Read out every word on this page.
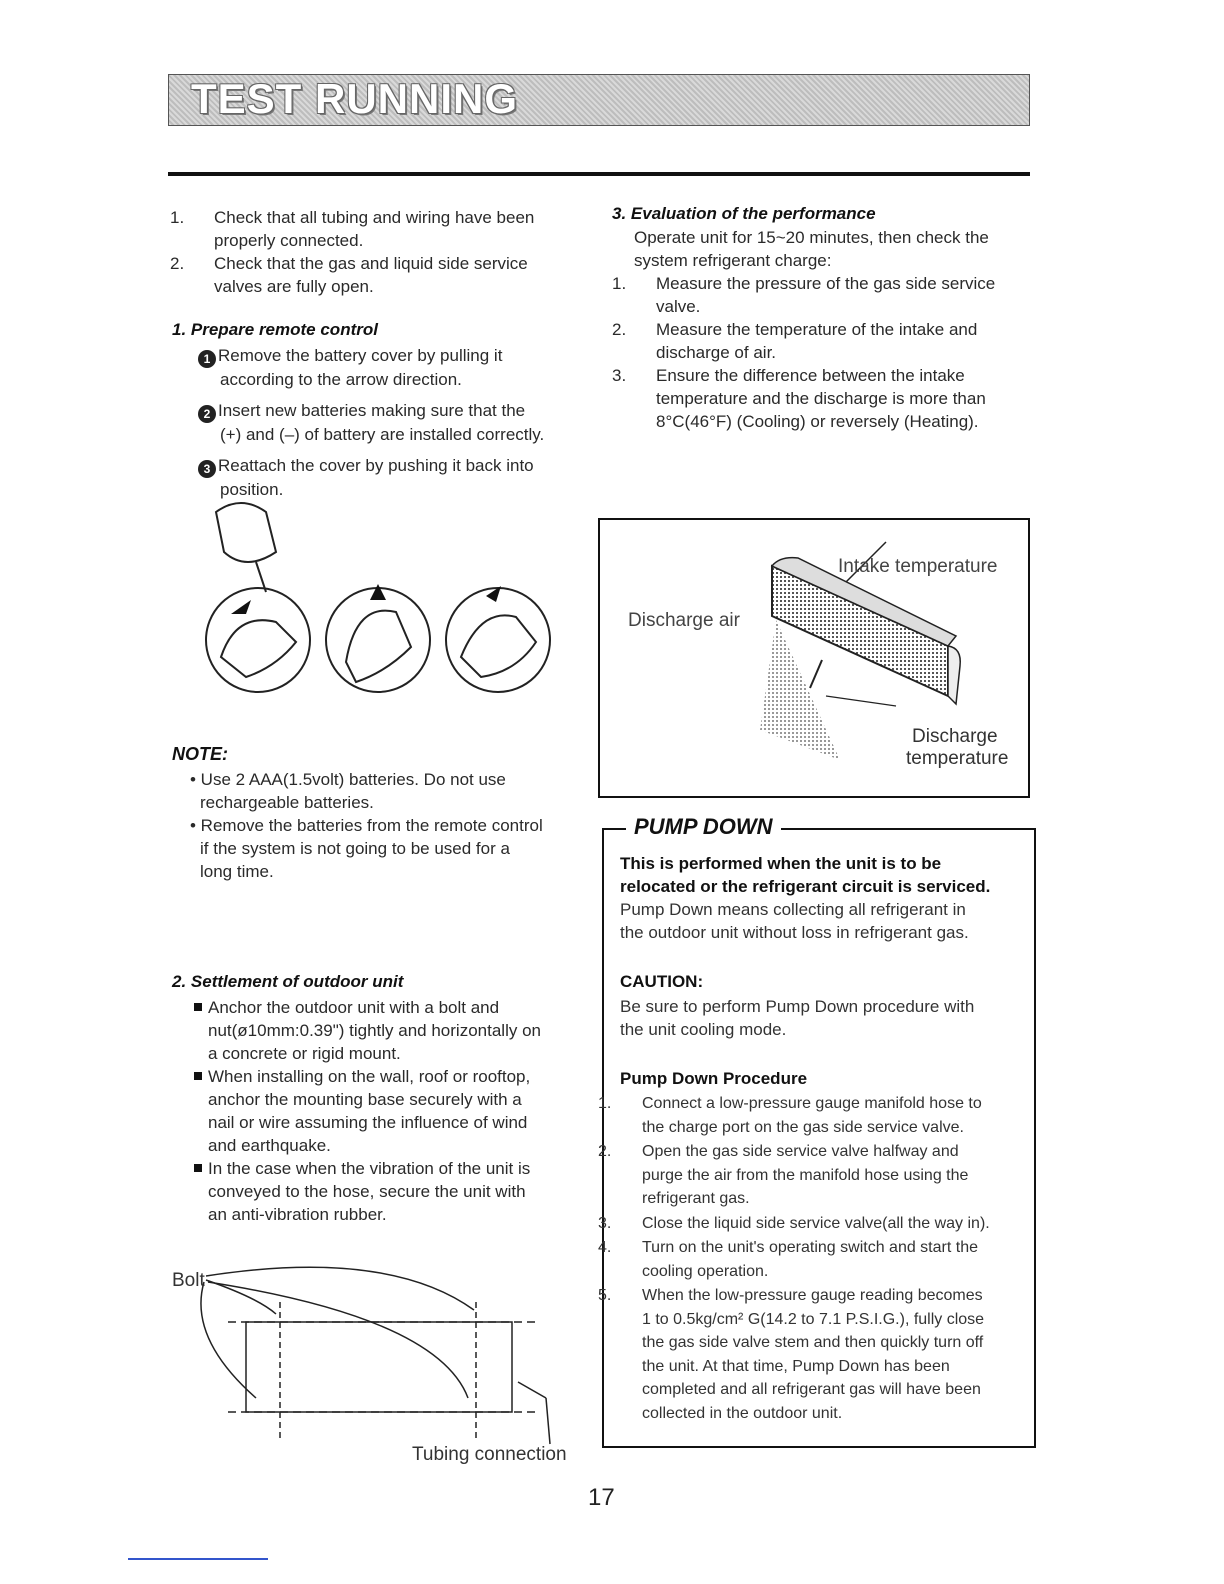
TEST RUNNING
1. Check that all tubing and wiring have been
properly connected.
2. Check that the gas and liquid side service
valves are fully open.
1. Prepare remote control
1 Remove the battery cover by pulling it
according to the arrow direction.
2 Insert new batteries making sure that the
(+) and (–) of battery are installed correctly.
3 Reattach the cover by pushing it back into
position.
NOTE:
• Use 2 AAA(1.5volt) batteries. Do not use
rechargeable batteries.
• Remove the batteries from the remote control
if the system is not going to be used for a
long time.
2. Settlement of outdoor unit
Anchor the outdoor unit with a bolt and
nut(ø10mm:0.39") tightly and horizontally on
a concrete or rigid mount.
When installing on the wall, roof or rooftop,
anchor the mounting base securely with a
nail or wire assuming the influence of wind
and earthquake.
In the case when the vibration of the unit is
conveyed to the hose, secure the unit with
an anti-vibration rubber.
Bolt
Tubing connection
3. Evaluation of the performance
Operate unit for 15~20 minutes, then check the
system refrigerant charge:
1. Measure the pressure of the gas side service
valve.
2. Measure the temperature of the intake and
discharge of air.
3. Ensure the difference between the intake
temperature and the discharge is more than
8°C(46°F) (Cooling) or reversely (Heating).
Intake temperature
Discharge air
Discharge
temperature
PUMP DOWN
This is performed when the unit is to be
relocated or the refrigerant circuit is serviced.
Pump Down means collecting all refrigerant in
the outdoor unit without loss in refrigerant gas.
CAUTION:
Be sure to perform Pump Down procedure with
the unit cooling mode.
Pump Down Procedure
1. Connect a low-pressure gauge manifold hose to
the charge port on the gas side service valve.
2. Open the gas side service valve halfway and
purge the air from the manifold hose using the
refrigerant gas.
3. Close the liquid side service valve(all the way in).
4. Turn on the unit's operating switch and start the
cooling operation.
5. When the low-pressure gauge reading becomes
1 to 0.5kg/cm² G(14.2 to 7.1 P.S.I.G.), fully close
the gas side valve stem and then quickly turn off
the unit. At that time, Pump Down has been
completed and all refrigerant gas will have been
collected in the outdoor unit.
17
